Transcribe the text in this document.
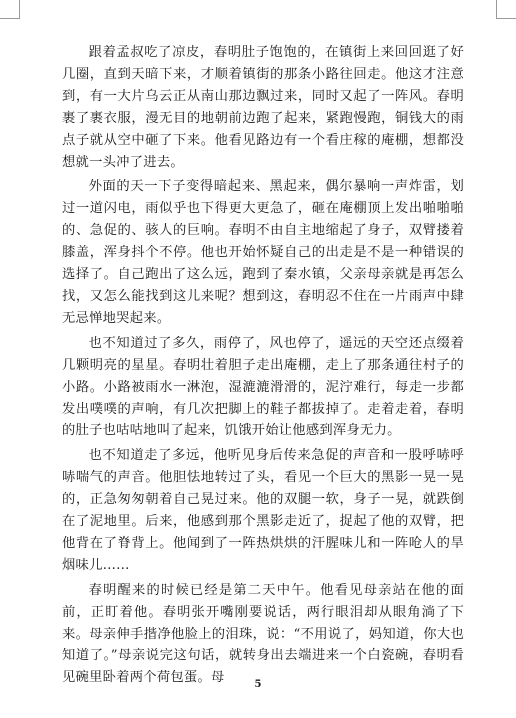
跟着孟叔吃了凉皮，春明肚子饱饱的，在镇街上来回回逛了好几圈，直到天暗下来，才顺着镇街的那条小路往回走。他这才注意到，有一大片乌云正从南山那边飘过来，同时又起了一阵风。春明裹了裹衣服，漫无目的地朝前边跑了起来，紧跑慢跑，铜钱大的雨点子就从空中砸了下来。他看见路边有一个看庄稼的庵棚，想都没想就一头冲了进去。

外面的天一下子变得暗起来、黑起来，偶尔暴响一声炸雷，划过一道闪电，雨似乎也下得更大更急了，砸在庵棚顶上发出啪啪啪的、急促的、骇人的巨响。春明不由自主地缩起了身子，双臂搂着膝盖，浑身抖个不停。他也开始怀疑自己的出走是不是一种错误的选择了。自己跑出了这么远，跑到了秦水镇，父亲母亲就是再怎么找，又怎么能找到这儿来呢？想到这，春明忍不住在一片雨声中肆无忌惮地哭起来。

也不知道过了多久，雨停了，风也停了，遥远的天空还点缀着几颗明亮的星星。春明壮着胆子走出庵棚，走上了那条通往村子的小路。小路被雨水一淋泡，湿漉漉滑滑的，泥泞难行，每走一步都发出噗噗的声响，有几次把脚上的鞋子都拔掉了。走着走着，春明的肚子也咕咕地叫了起来，饥饿开始让他感到浑身无力。

也不知道走了多远，他听见身后传来急促的声音和一股呼哧呼哧喘气的声音。他胆怯地转过了头，看见一个巨大的黑影一晃一晃的，正急匆匆朝着自己晃过来。他的双腿一软，身子一晃，就跌倒在了泥地里。后来，他感到那个黑影走近了，捉起了他的双臂，把他背在了脊背上。他闻到了一阵热烘烘的汗腥味儿和一阵呛人的旱烟味儿……

春明醒来的时候已经是第二天中午。他看见母亲站在他的面前，正盯着他。春明张开嘴刚要说话，两行眼泪却从眼角淌了下来。母亲伸手揩净他脸上的泪珠，说：“不用说了，妈知道，你大也知道了。”母亲说完这句话，就转身出去端进来一个白瓷碗，春明看见碗里卧着两个荷包蛋。母	5
